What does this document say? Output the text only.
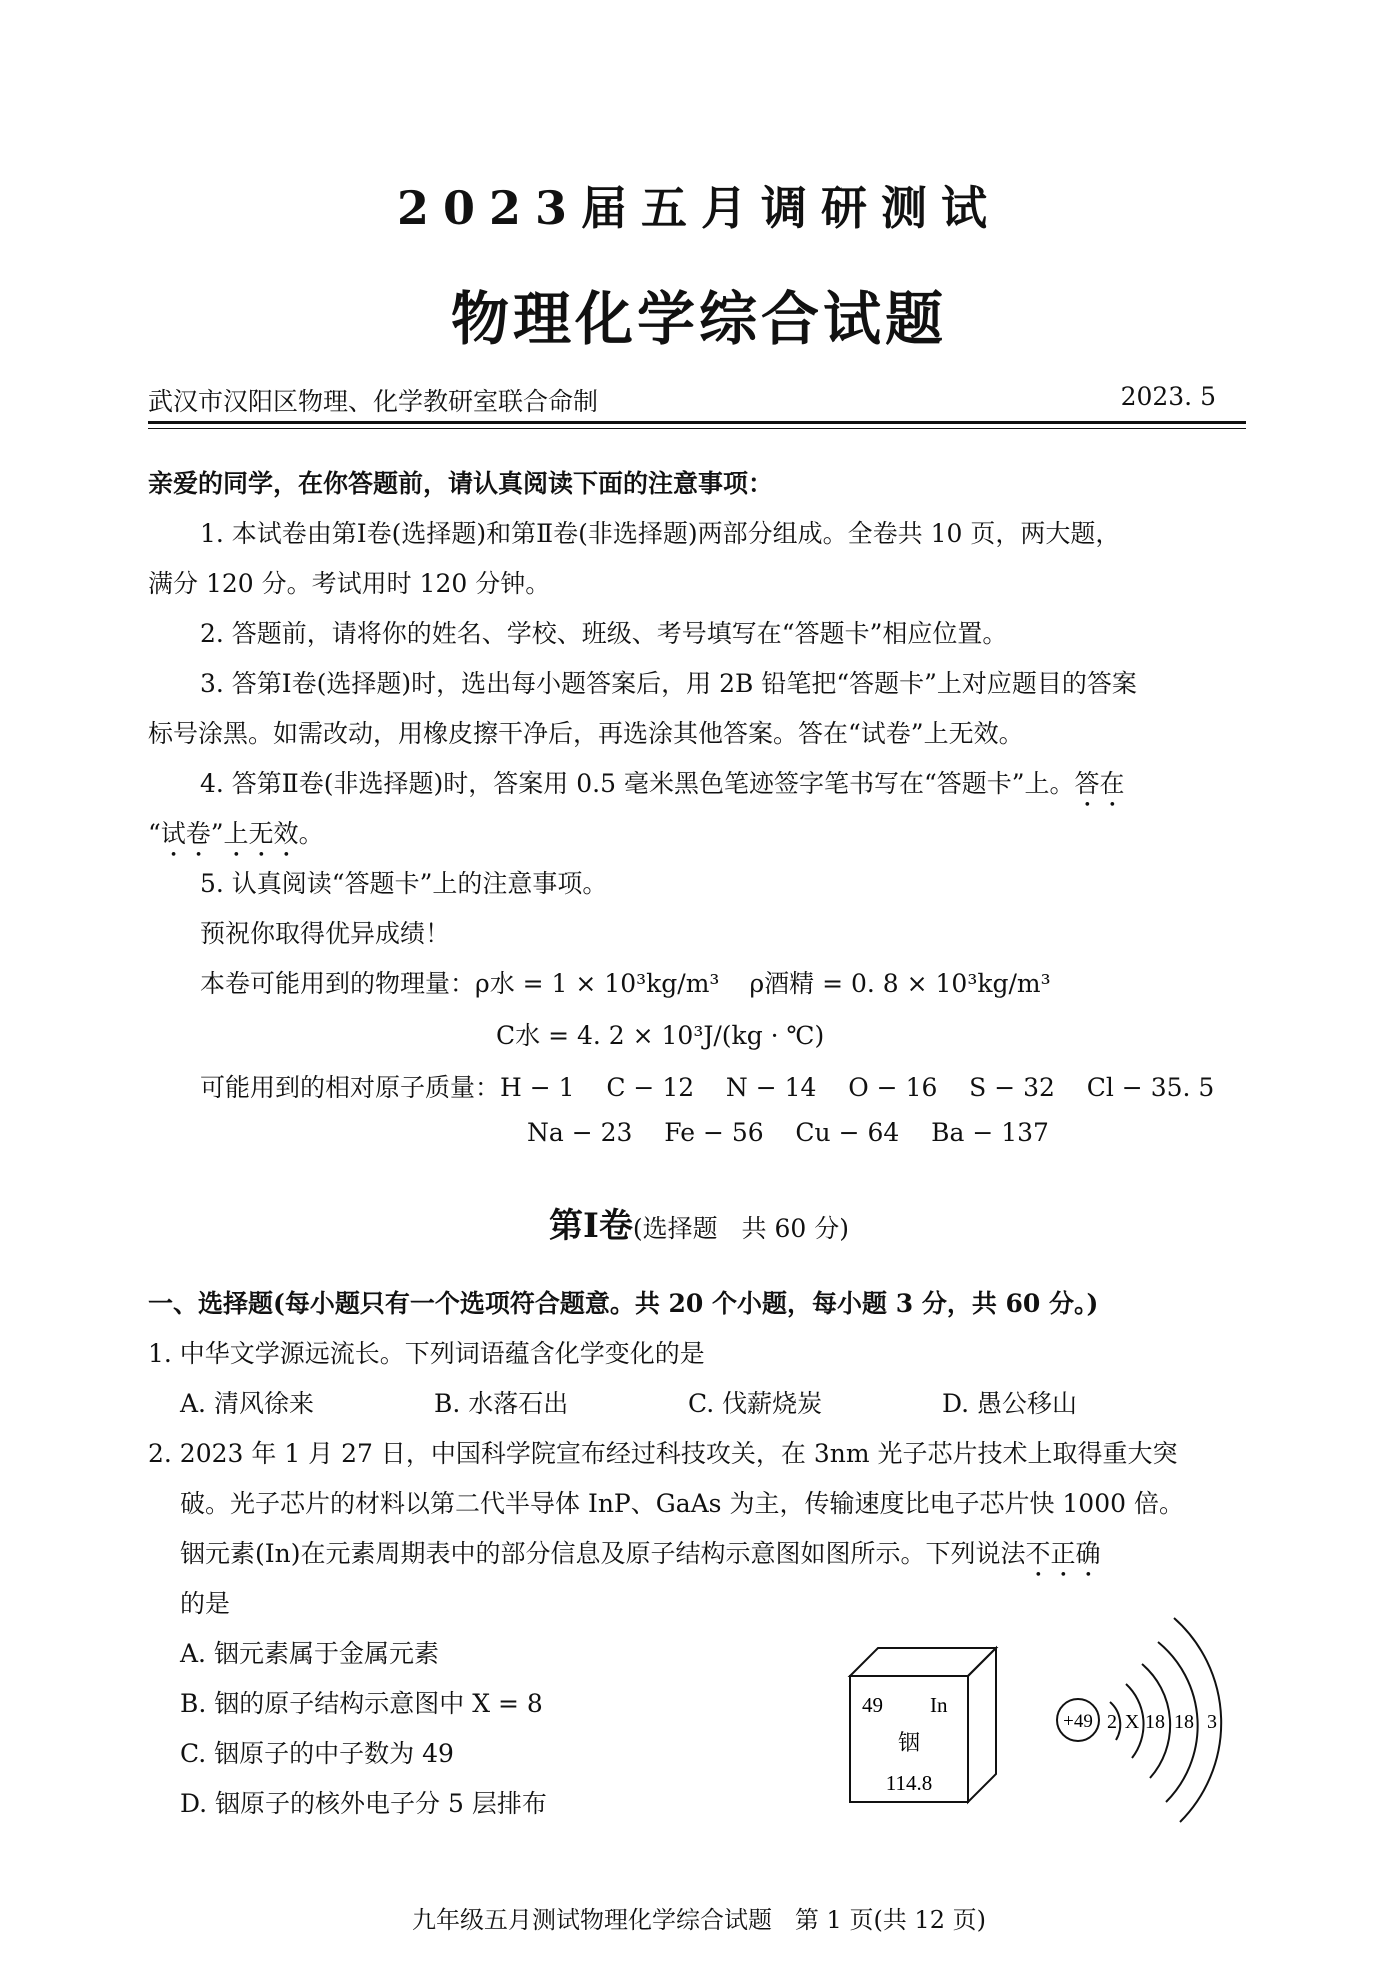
2023届五月调研测试
物理化学综合试题
武汉市汉阳区物理、化学教研室联合命制	2023. 5
亲爱的同学，在你答题前，请认真阅读下面的注意事项：
1. 本试卷由第Ⅰ卷(选择题)和第Ⅱ卷(非选择题)两部分组成。全卷共 10 页，两大题，
满分 120 分。考试用时 120 分钟。
2. 答题前，请将你的姓名、学校、班级、考号填写在“答题卡”相应位置。
3. 答第Ⅰ卷(选择题)时，选出每小题答案后，用 2B 铅笔把“答题卡”上对应题目的答案
标号涂黑。如需改动，用橡皮擦干净后，再选涂其他答案。答在“试卷”上无效。
4. 答第Ⅱ卷(非选择题)时，答案用 0.5 毫米黑色笔迹签字笔书写在“答题卡”上。答在
“试卷”上无效。
5. 认真阅读“答题卡”上的注意事项。
预祝你取得优异成绩！
本卷可能用到的物理量：ρ水 = 1 × 10³kg/m³ ρ酒精 = 0. 8 × 10³kg/m³
C水 = 4. 2 × 10³J/(kg · ℃)
可能用到的相对原子质量：H − 1    C − 12    N − 14    O − 16    S − 32    Cl − 35. 5
Na − 23    Fe − 56    Cu − 64    Ba − 137
第Ⅰ卷(选择题   共 60 分)
一、选择题(每小题只有一个选项符合题意。共 20 个小题，每小题 3 分，共 60 分。)
1. 中华文学源远流长。下列词语蕴含化学变化的是
A. 清风徐来	B. 水落石出	C. 伐薪烧炭	D. 愚公移山
2. 2023 年 1 月 27 日，中国科学院宣布经过科技攻关，在 3nm 光子芯片技术上取得重大突
破。光子芯片的材料以第二代半导体 InP、GaAs 为主，传输速度比电子芯片快 1000 倍。
铟元素(In)在元素周期表中的部分信息及原子结构示意图如图所示。下列说法不正确
的是
A. 铟元素属于金属元素
B. 铟的原子结构示意图中 X = 8
C. 铟原子的中子数为 49
D. 铟原子的核外电子分 5 层排布
49 In
铟
114.8
+49 2 X 18 18 3
九年级五月测试物理化学综合试题   第 1 页(共 12 页)
